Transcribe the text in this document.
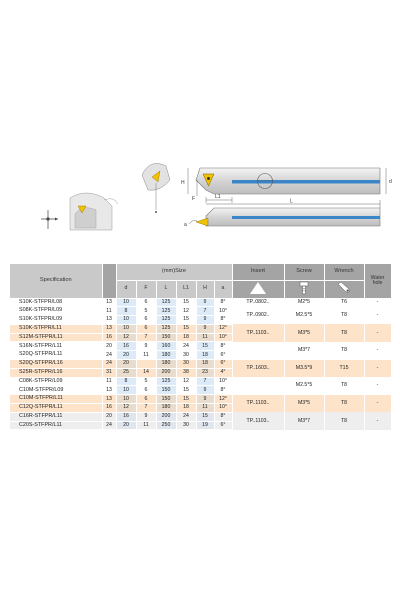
H
F
d
a
L1
L
Specification		(mm)Size						Insert	Screw	Wrench	Water
hole
		d	F	L	L1	H	a			
S10K-STFPR/L08	13	10	6	125	15	9	8°	TP..0802..	M2*5	T6	-
S08K-STFPR/L09	11	8	5	125	12	7	10°	TP..0902..	M2.5*5	T8	-
S10K-STFPR/L09	13	10	6	125	15	9	8°				
S10K-STFPR/L11	13	10	6	125	15	9	12°	TP..1103..	M3*5	T8	-
S12M-STFPR/L11	16	12	7	150	18	11	10°				
S16N-STFPR/L11	20	16	9	160	24	15	8°		M3*7	T8	-
S20Q-STFPR/L11	24	20	11	180	30	18	6°				
S20Q-STFPR/L16	24	20		180	30	18	6°	TP..1603..	M3.5*9	T15	-
S25R-STFPR/L16	31	25	14	200	38	23	4°				
C08K-STFPR/L09	11	8	5	125	12	7	10°		M2.5*5	T8	-
C10M-STFPR/L09	13	10	6	150	15	9	8°				
C10M-STFPR/L11	13	10	6	150	15	9	12°	TP..1103..	M3*5	T8	-
C12Q-STFPR/L11	16	12	7	180	18	11	10°				
C16R-STFPR/L11	20	16	9	200	24	15	8°	TP..1103..	M3*7	T8	-
C20S-STFPR/L11	24	20	11	250	30	19	6°				
